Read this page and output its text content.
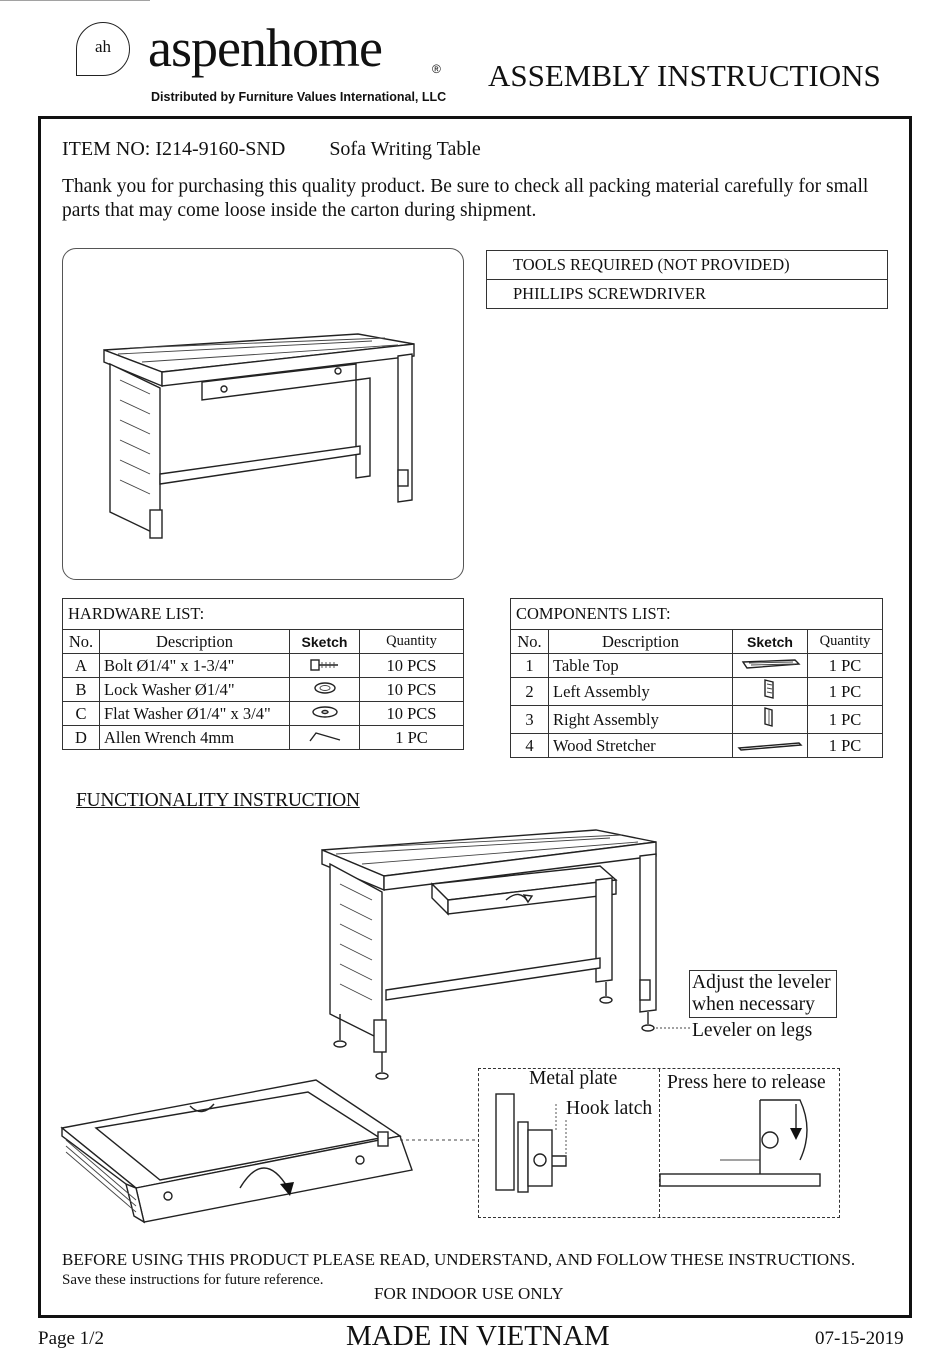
ah aspenhome	®
Distributed by Furniture Values International, LLC
ASSEMBLY INSTRUCTIONS
ITEM NO: I214-9160-SND Sofa Writing Table
Thank you for purchasing this quality product. Be sure to check all packing material carefully for small parts that may come loose inside the carton during shipment.
TOOLS REQUIRED (NOT PROVIDED)
PHILLIPS SCREWDRIVER
HARDWARE LIST:			
No.	Description	Sketch	Quantity
A	Bolt Ø1/4" x 1-3/4"		10 PCS
B	Lock Washer Ø1/4"		10 PCS
C	Flat Washer Ø1/4" x 3/4"		10 PCS
D	Allen Wrench 4mm		1 PC
COMPONENTS LIST:			
No.	Description	Sketch	Quantity
1	Table Top		1 PC
2	Left Assembly		1 PC
3	Right Assembly		1 PC
4	Wood Stretcher		1 PC
FUNCTIONALITY INSTRUCTION
Adjust the leveler
when necessary
Leveler on legs
Metal plate
Hook latch
Press here to release
BEFORE USING THIS PRODUCT PLEASE READ, UNDERSTAND, AND FOLLOW THESE INSTRUCTIONS.
Save these instructions for future reference.
FOR INDOOR USE ONLY
Page 1/2	MADE IN VIETNAM	07-15-2019
